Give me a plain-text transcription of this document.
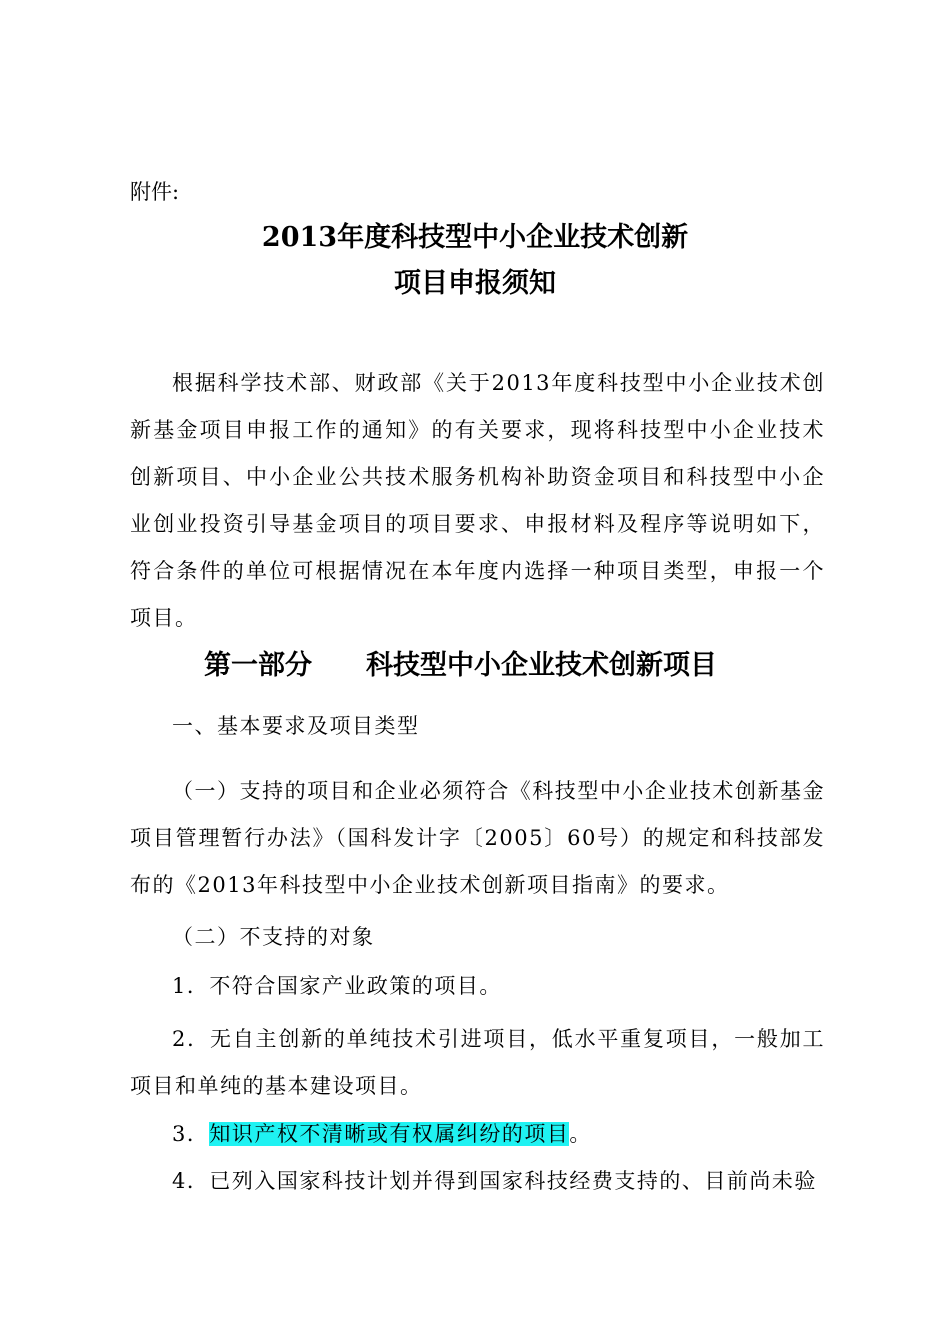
附件:
2013年度科技型中小企业技术创新
项目申报须知
根据科学技术部、财政部《关于2013年度科技型中小企业技术创新基金项目申报工作的通知》的有关要求，现将科技型中小企业技术创新项目、中小企业公共技术服务机构补助资金项目和科技型中小企业创业投资引导基金项目的项目要求、申报材料及程序等说明如下，符合条件的单位可根据情况在本年度内选择一种项目类型，申报一个项目。
第一部分　　科技型中小企业技术创新项目
一、基本要求及项目类型
（一）支持的项目和企业必须符合《科技型中小企业技术创新基金项目管理暂行办法》（国科发计字〔2005〕60号）的规定和科技部发布的《2013年科技型中小企业技术创新项目指南》的要求。
（二）不支持的对象
1．不符合国家产业政策的项目。
2．无自主创新的单纯技术引进项目，低水平重复项目，一般加工项目和单纯的基本建设项目。
3．知识产权不清晰或有权属纠纷的项目。
4．已列入国家科技计划并得到国家科技经费支持的、目前尚未验
